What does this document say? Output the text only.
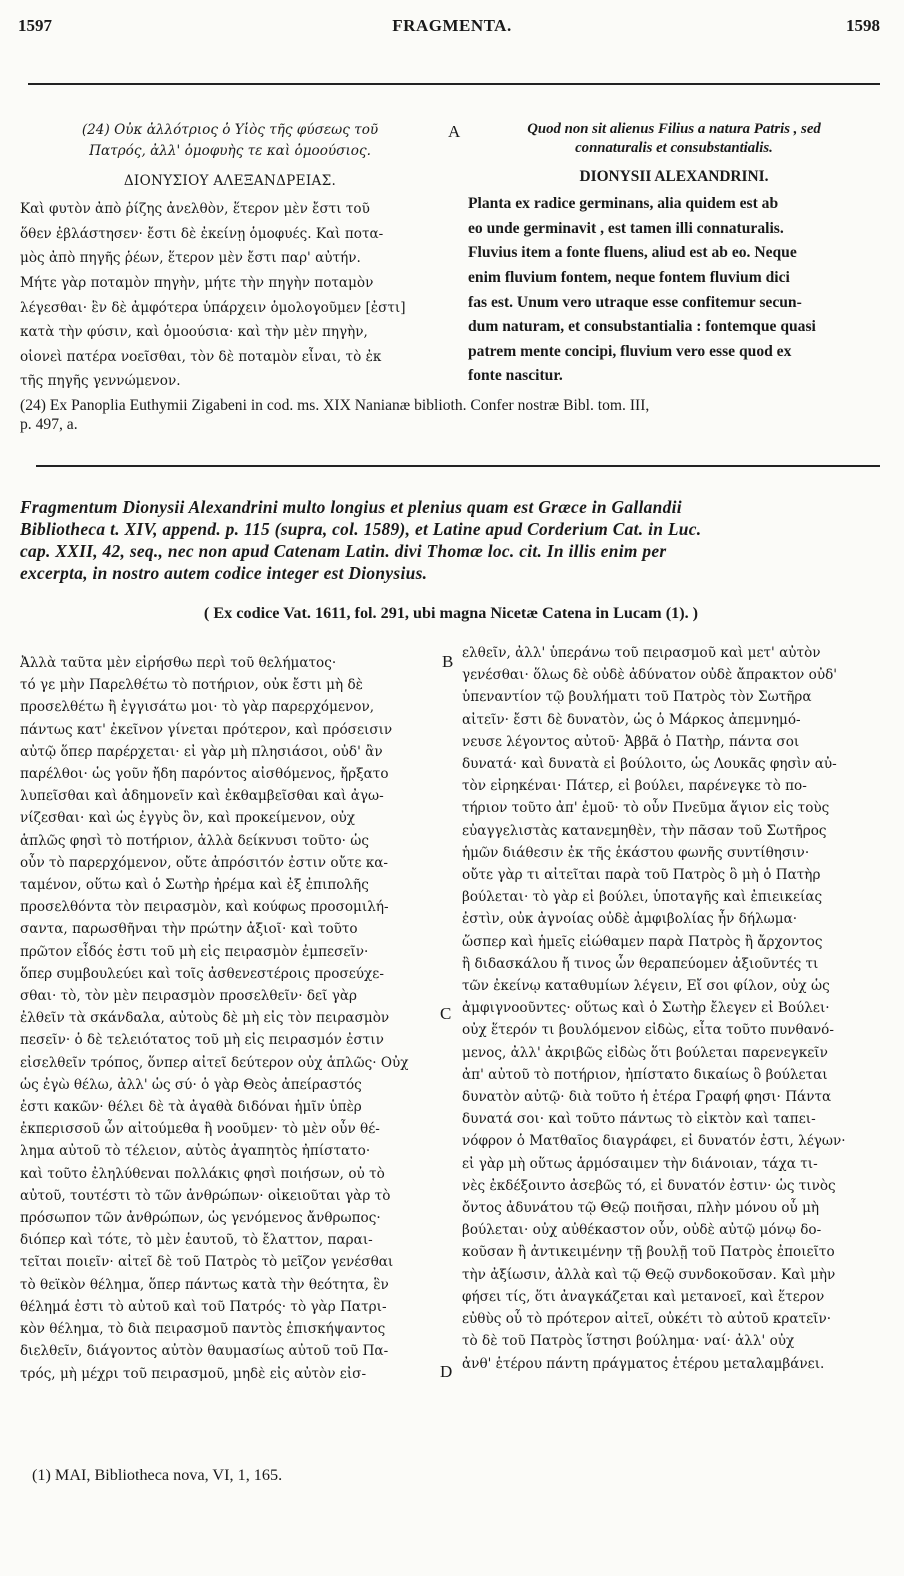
1597	FRAGMENTA.	1598
(24) Οὐκ ἀλλότριος ὁ Υἱὸς τῆς φύσεως τοῦ
Πατρός, ἀλλ' ὁμοφυὴς τε καὶ ὁμοούσιος.
ΔΙΟΝΥΣΙΟΥ ΑΛΕΞΑΝΔΡΕΙΑΣ.
Καὶ φυτὸν ἀπὸ ῥίζης ἀνελθὸν, ἕτερον μὲν ἔστι τοῦ
ὅθεν ἐβλάστησεν· ἔστι δὲ ἐκείνῃ ὁμοφυές. Καὶ ποτα-
μὸς ἀπὸ πηγῆς ῥέων, ἕτερον μὲν ἔστι παρ' αὐτήν.
Μήτε γὰρ ποταμὸν πηγὴν, μήτε τὴν πηγὴν ποταμὸν
λέγεσθαι· ἓν δὲ ἀμφότερα ὑπάρχειν ὁμολογοῦμεν [ἐστι]
κατὰ τὴν φύσιν, καὶ ὁμοούσια· καὶ τὴν μὲν πηγὴν,
οἱονεὶ πατέρα νοεῖσθαι, τὸν δὲ ποταμὸν εἶναι, τὸ ἐκ
τῆς πηγῆς γεννώμενον.
A	Quod non sit alienus Filius a natura Patris , sed
connaturalis et consubstantialis.
DIONYSII ALEXANDRINI.
Planta ex radice germinans, alia quidem est ab
eo unde germinavit , est tamen illi connaturalis.
Fluvius item a fonte fluens, aliud est ab eo. Neque
enim fluvium fontem, neque fontem fluvium dici
fas est. Unum vero utraque esse confitemur secun-
dum naturam, et consubstantialia : fontemque quasi
patrem mente concipi, fluvium vero esse quod ex
fonte nascitur.
(24) Ex Panoplia Euthymii Zigabeni in cod. ms. XIX Nanianæ biblioth. Confer nostræ Bibl. tom. III,
p. 497, a.
Fragmentum Dionysii Alexandrini multo longius et plenius quam est Græce in Gallandii
Bibliotheca t. XIV, append. p. 115 (supra, col. 1589), et Latine apud Corderium Cat. in Luc.
cap. XXII, 42, seq., nec non apud Catenam Latin. divi Thomæ loc. cit. In illis enim per
excerpta, in nostro autem codice integer est Dionysius.
( Ex codice Vat. 1611, fol. 291, ubi magna Nicetæ Catena in Lucam (1). )
Ἀλλὰ ταῦτα μὲν εἰρήσθω περὶ τοῦ θελήματος·
τό γε μὴν Παρελθέτω τὸ ποτήριον, οὐκ ἔστι μὴ δὲ
προσελθέτω ἢ ἐγγισάτω μοι· τὸ γὰρ παρερχόμενον,
πάντως κατ' ἐκεῖνον γίνεται πρότερον, καὶ πρόσεισιν
αὐτῷ ὅπερ παρέρχεται· εἰ γὰρ μὴ πλησιάσοι, οὐδ' ἂν
παρέλθοι· ὡς γοῦν ἤδη παρόντος αἰσθόμενος, ἤρξατο
λυπεῖσθαι καὶ ἀδημονεῖν καὶ ἐκθαμβεῖσθαι καὶ ἀγω-
νίζεσθαι· καὶ ὡς ἐγγὺς ὂν, καὶ προκείμενον, οὐχ
ἁπλῶς φησὶ τὸ ποτήριον, ἀλλὰ δείκνυσι τοῦτο· ὡς
οὖν τὸ παρερχόμενον, οὔτε ἀπρόσιτόν ἐστιν οὔτε κα-
ταμένον, οὕτω καὶ ὁ Σωτὴρ ἠρέμα καὶ ἐξ ἐπιπολῆς
προσελθόντα τὸν πειρασμὸν, καὶ κούφως προσομιλή-
σαντα, παρωσθῆναι τὴν πρώτην ἀξιοῖ· καὶ τοῦτο
πρῶτον εἶδός ἐστι τοῦ μὴ εἰς πειρασμὸν ἐμπεσεῖν·
ὅπερ συμβουλεύει καὶ τοῖς ἀσθενεστέροις προσεύχε-
σθαι· τὸ, τὸν μὲν πειρασμὸν προσελθεῖν· δεῖ γὰρ
ἐλθεῖν τὰ σκάνδαλα, αὐτοὺς δὲ μὴ εἰς τὸν πειρασμὸν
πεσεῖν· ὁ δὲ τελειότατος τοῦ μὴ εἰς πειρασμόν ἐστιν
εἰσελθεῖν τρόπος, ὅνπερ αἰτεῖ δεύτερον οὐχ ἁπλῶς· Οὐχ
ὡς ἐγὼ θέλω, ἀλλ' ὡς σύ· ὁ γὰρ Θεὸς ἀπείραστός
ἐστι κακῶν· θέλει δὲ τὰ ἀγαθὰ διδόναι ἡμῖν ὑπὲρ
ἐκπερισσοῦ ὧν αἰτούμεθα ἢ νοοῦμεν· τὸ μὲν οὖν θέ-
λημα αὐτοῦ τὸ τέλειον, αὐτὸς ἀγαπητὸς ἠπίστατο·
καὶ τοῦτο ἐληλύθεναι πολλάκις φησὶ ποιήσων, οὐ τὸ
αὐτοῦ, τουτέστι τὸ τῶν ἀνθρώπων· οἰκειοῦται γὰρ τὸ
πρόσωπον τῶν ἀνθρώπων, ὡς γενόμενος ἄνθρωπος·
διόπερ καὶ τότε, τὸ μὲν ἑαυτοῦ, τὸ ἔλαττον, παραι-
τεῖται ποιεῖν· αἰτεῖ δὲ τοῦ Πατρὸς τὸ μεῖζον γενέσθαι
τὸ θεϊκὸν θέλημα, ὅπερ πάντως κατὰ τὴν θεότητα, ἓν
θέλημά ἐστι τὸ αὐτοῦ καὶ τοῦ Πατρός· τὸ γὰρ Πατρι-
κὸν θέλημα, τὸ διὰ πειρασμοῦ παντὸς ἐπισκήψαντος
διελθεῖν, διάγοντος αὐτὸν θαυμασίως αὐτοῦ τοῦ Πα-
τρός, μὴ μέχρι τοῦ πειρασμοῦ, μηδὲ εἰς αὐτὸν εἰσ-
B
C
D
ελθεῖν, ἀλλ' ὑπεράνω τοῦ πειρασμοῦ καὶ μετ' αὐτὸν
γενέσθαι· ὅλως δὲ οὐδὲ ἀδύνατον οὐδὲ ἄπρακτον οὐδ'
ὑπεναντίον τῷ βουλήματι τοῦ Πατρὸς τὸν Σωτῆρα
αἰτεῖν· ἔστι δὲ δυνατὸν, ὡς ὁ Μάρκος ἀπεμνημό-
νευσε λέγοντος αὐτοῦ· Ἀββᾶ ὁ Πατὴρ, πάντα σοι
δυνατά· καὶ δυνατὰ εἰ βούλοιτο, ὡς Λουκᾶς φησὶν αὐ-
τὸν εἰρηκέναι· Πάτερ, εἰ βούλει, παρένεγκε τὸ πο-
τήριον τοῦτο ἀπ' ἐμοῦ· τὸ οὖν Πνεῦμα ἅγιον εἰς τοὺς
εὐαγγελιστὰς κατανεμηθὲν, τὴν πᾶσαν τοῦ Σωτῆρος
ἡμῶν διάθεσιν ἐκ τῆς ἑκάστου φωνῆς συντίθησιν·
οὔτε γὰρ τι αἰτεῖται παρὰ τοῦ Πατρὸς ὃ μὴ ὁ Πατὴρ
βούλεται· τὸ γὰρ εἰ βούλει, ὑποταγῆς καὶ ἐπιεικείας
ἐστὶν, οὐκ ἀγνοίας οὐδὲ ἀμφιβολίας ἦν δήλωμα·
ὥσπερ καὶ ἡμεῖς εἰώθαμεν παρὰ Πατρὸς ἢ ἄρχοντος
ἢ διδασκάλου ἤ τινος ὧν θεραπεύομεν ἀξιοῦντές τι
τῶν ἐκείνῳ καταθυμίων λέγειν, Εἴ σοι φίλον, οὐχ ὡς
ἀμφιγνοοῦντες· οὕτως καὶ ὁ Σωτὴρ ἔλεγεν εἰ Βούλει·
οὐχ ἕτερόν τι βουλόμενον εἰδὼς, εἶτα τοῦτο πυνθανό-
μενος, ἀλλ' ἀκριβῶς εἰδὼς ὅτι βούλεται παρενεγκεῖν
ἀπ' αὐτοῦ τὸ ποτήριον, ἠπίστατο δικαίως ὃ βούλεται
δυνατὸν αὐτῷ· διὰ τοῦτο ἡ ἑτέρα Γραφή φησι· Πάντα
δυνατά σοι· καὶ τοῦτο πάντως τὸ εἰκτὸν καὶ ταπει-
νόφρον ὁ Ματθαῖος διαγράφει, εἰ δυνατόν ἐστι, λέγων·
εἰ γὰρ μὴ οὕτως ἁρμόσαιμεν τὴν διάνοιαν, τάχα τι-
νὲς ἐκδέξοιντο ἀσεβῶς τό, εἰ δυνατόν ἐστιν· ὡς τινὸς
ὄντος ἀδυνάτου τῷ Θεῷ ποιῆσαι, πλὴν μόνου οὗ μὴ
βούλεται· οὐχ αὐθέκαστον οὖν, οὐδὲ αὐτῷ μόνῳ δο-
κοῦσαν ἢ ἀντικειμένην τῇ βουλῇ τοῦ Πατρὸς ἐποιεῖτο
τὴν ἀξίωσιν, ἀλλὰ καὶ τῷ Θεῷ συνδοκοῦσαν. Καὶ μὴν
φήσει τίς, ὅτι ἀναγκάζεται καὶ μετανοεῖ, καὶ ἕτερον
εὐθὺς οὗ τὸ πρότερον αἰτεῖ, οὐκέτι τὸ αὐτοῦ κρατεῖν·
τὸ δὲ τοῦ Πατρὸς ἵστησι βούλημα· ναί· ἀλλ' οὐχ
ἀνθ' ἑτέρου πάντη πράγματος ἑτέρου μεταλαμβάνει.
(1) MAI, Bibliotheca nova, VI, 1, 165.
